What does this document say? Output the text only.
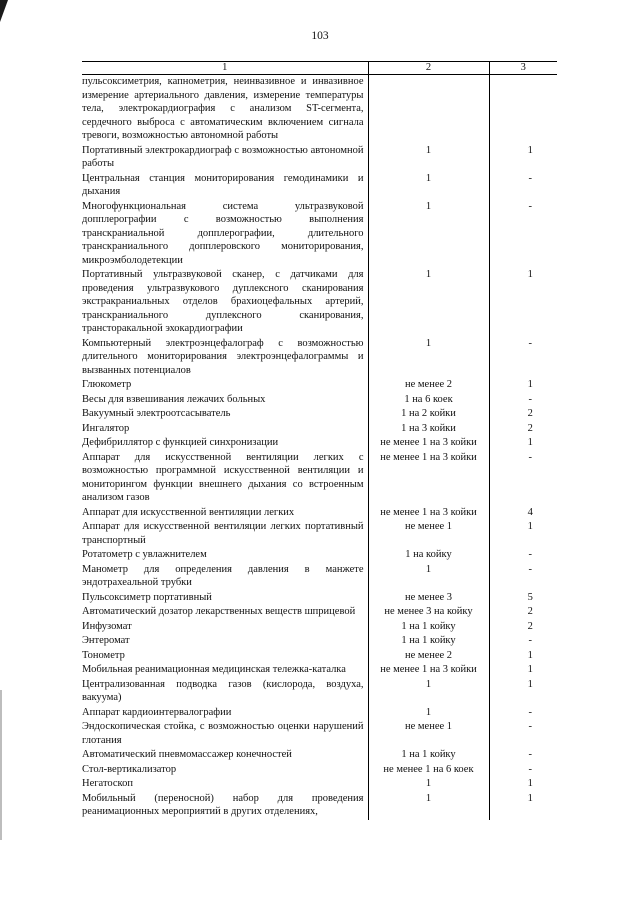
103
1	2	3
пульсоксиметрия, капнометрия, неинвазивное и инвазивное измерение артериального давления, измерение температуры тела, электрокардиография с анализом ST-сегмента, сердечного выброса с автоматическим включением сигнала тревоги, возможностью автономной работы		
Портативный электрокардиограф с возможностью автономной работы	1	1
Центральная станция мониторирования гемодинамики и дыхания	1	-
Многофункциональная система ультразвуковой допплерографии с возможностью выполнения транскраниальной допплерографии, длительного транскраниального допплеровского мониторирования, микроэмболодетекции	1	-
Портативный ультразвуковой сканер, с датчиками для проведения ультразвукового дуплексного сканирования экстракраниальных отделов брахиоцефальных артерий, транскраниального дуплексного сканирования, трансторакальной эхокардиографии	1	1
Компьютерный электроэнцефалограф с возможностью длительного мониторирования электроэнцефалограммы и вызванных потенциалов	1	-
Глюкометр	не менее 2	1
Весы для взвешивания лежачих больных	1 на 6 коек	-
Вакуумный электроотсасыватель	1 на 2 койки	2
Ингалятор	1 на 3 койки	2
Дефибриллятор с функцией синхронизации	не менее 1 на 3 койки	1
Аппарат для искусственной вентиляции легких с возможностью программной искусственной вентиляции и мониторингом функции внешнего дыхания со встроенным анализом газов	не менее 1 на 3 койки	-
Аппарат для искусственной вентиляции легких	не менее 1 на 3 койки	4
Аппарат для искусственной вентиляции легких портативный транспортный	не менее 1	1
Ротатометр с увлажнителем	1 на койку	-
Манометр для определения давления в манжете эндотрахеальной трубки	1	-
Пульсоксиметр портативный	не менее 3	5
Автоматический дозатор лекарственных веществ шприцевой	не менее 3 на койку	2
Инфузомат	1 на 1 койку	2
Энтеромат	1 на 1 койку	-
Тонометр	не менее 2	1
Мобильная реанимационная медицинская тележка-каталка	не менее 1 на 3 койки	1
Централизованная подводка газов (кислорода, воздуха, вакуума)	1	1
Аппарат кардиоинтервалографии	1	-
Эндоскопическая стойка, с возможностью оценки нарушений глотания	не менее 1	-
Автоматический пневмомассажер конечностей	1 на 1 койку	-
Стол-вертикализатор	не менее 1 на 6 коек	-
Негатоскоп	1	1
Мобильный (переносной) набор для проведения реанимационных мероприятий в других отделениях,	1	1
